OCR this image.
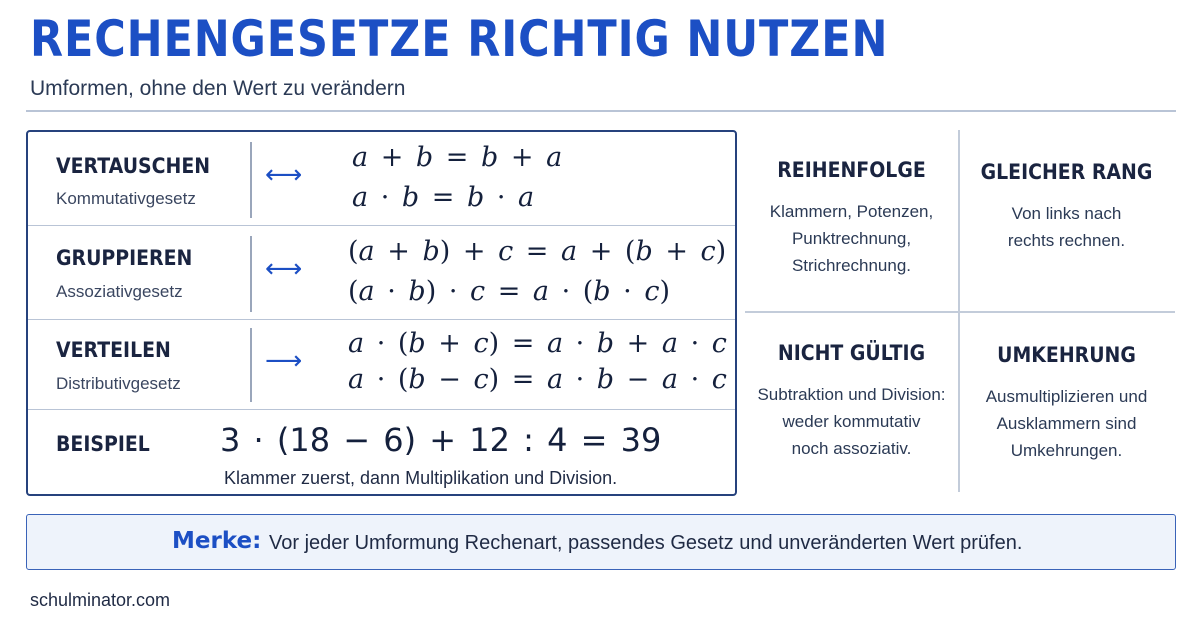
RECHENGESETZE RICHTIG NUTZEN
Umformen, ohne den Wert zu verändern
VERTAUSCHEN
Kommutativgesetz
⟷
a + b = b + a
a · b = b · a
GRUPPIEREN
Assoziativgesetz
⟷
(a + b) + c = a + (b + c)
(a · b) · c = a · (b · c)
VERTEILEN
Distributivgesetz
⟶
a · (b + c) = a · b + a · c
a · (b − c) = a · b − a · c
BEISPIEL 3 · (18 − 6) + 12 : 4 = 39
Klammer zuerst, dann Multiplikation und Division.
REIHENFOLGE
Klammern, Potenzen,
Punktrechnung,
Strichrechnung.
GLEICHER RANG
Von links nach
rechts rechnen.
NICHT GÜLTIG
Subtraktion und Division:
weder kommutativ
noch assoziativ.
UMKEHRUNG
Ausmultiplizieren und
Ausklammern sind
Umkehrungen.
Merke: Vor jeder Umformung Rechenart, passendes Gesetz und unveränderten Wert prüfen.
schulminator.com
